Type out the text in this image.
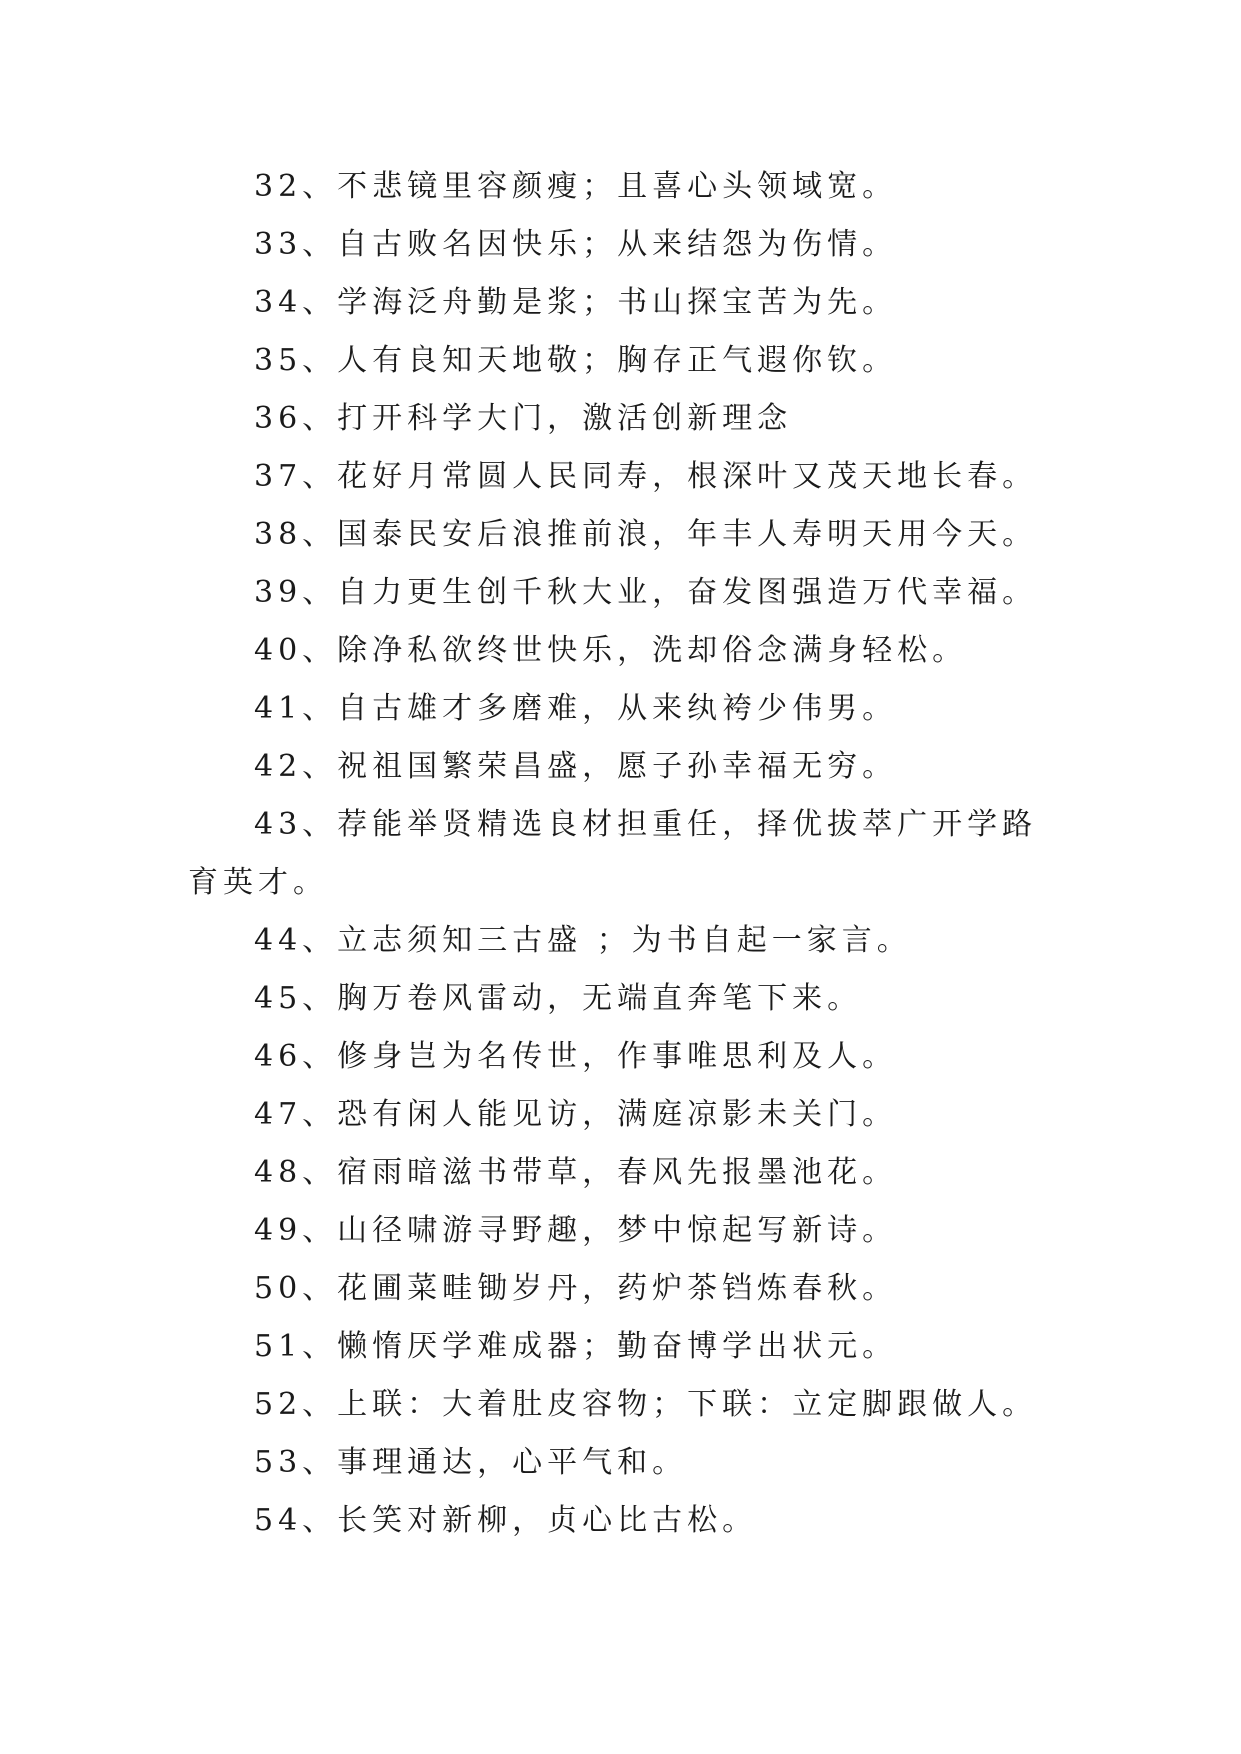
32、不悲镜里容颜瘦；且喜心头领域宽。
33、自古败名因快乐；从来结怨为伤情。
34、学海泛舟勤是浆；书山探宝苦为先。
35、人有良知天地敬；胸存正气遐你钦。
36、打开科学大门，激活创新理念
37、花好月常圆人民同寿，根深叶又茂天地长春。
38、国泰民安后浪推前浪，年丰人寿明天用今天。
39、自力更生创千秋大业，奋发图强造万代幸福。
40、除净私欲终世快乐，洗却俗念满身轻松。
41、自古雄才多磨难，从来纨袴少伟男。
42、祝祖国繁荣昌盛，愿子孙幸福无穷。
43、荐能举贤精选良材担重任，择优拔萃广开学路育英才。
44、立志须知三古盛 ；为书自起一家言。
45、胸万卷风雷动，无端直奔笔下来。
46、修身岂为名传世，作事唯思利及人。
47、恐有闲人能见访，满庭凉影未关门。
48、宿雨暗滋书带草，春风先报墨池花。
49、山径啸游寻野趣，梦中惊起写新诗。
50、花圃菜畦锄岁丹，药炉茶铛炼春秋。
51、懒惰厌学难成器；勤奋博学出状元。
52、上联：大着肚皮容物；下联：立定脚跟做人。
53、事理通达，心平气和。
54、长笑对新柳，贞心比古松。
